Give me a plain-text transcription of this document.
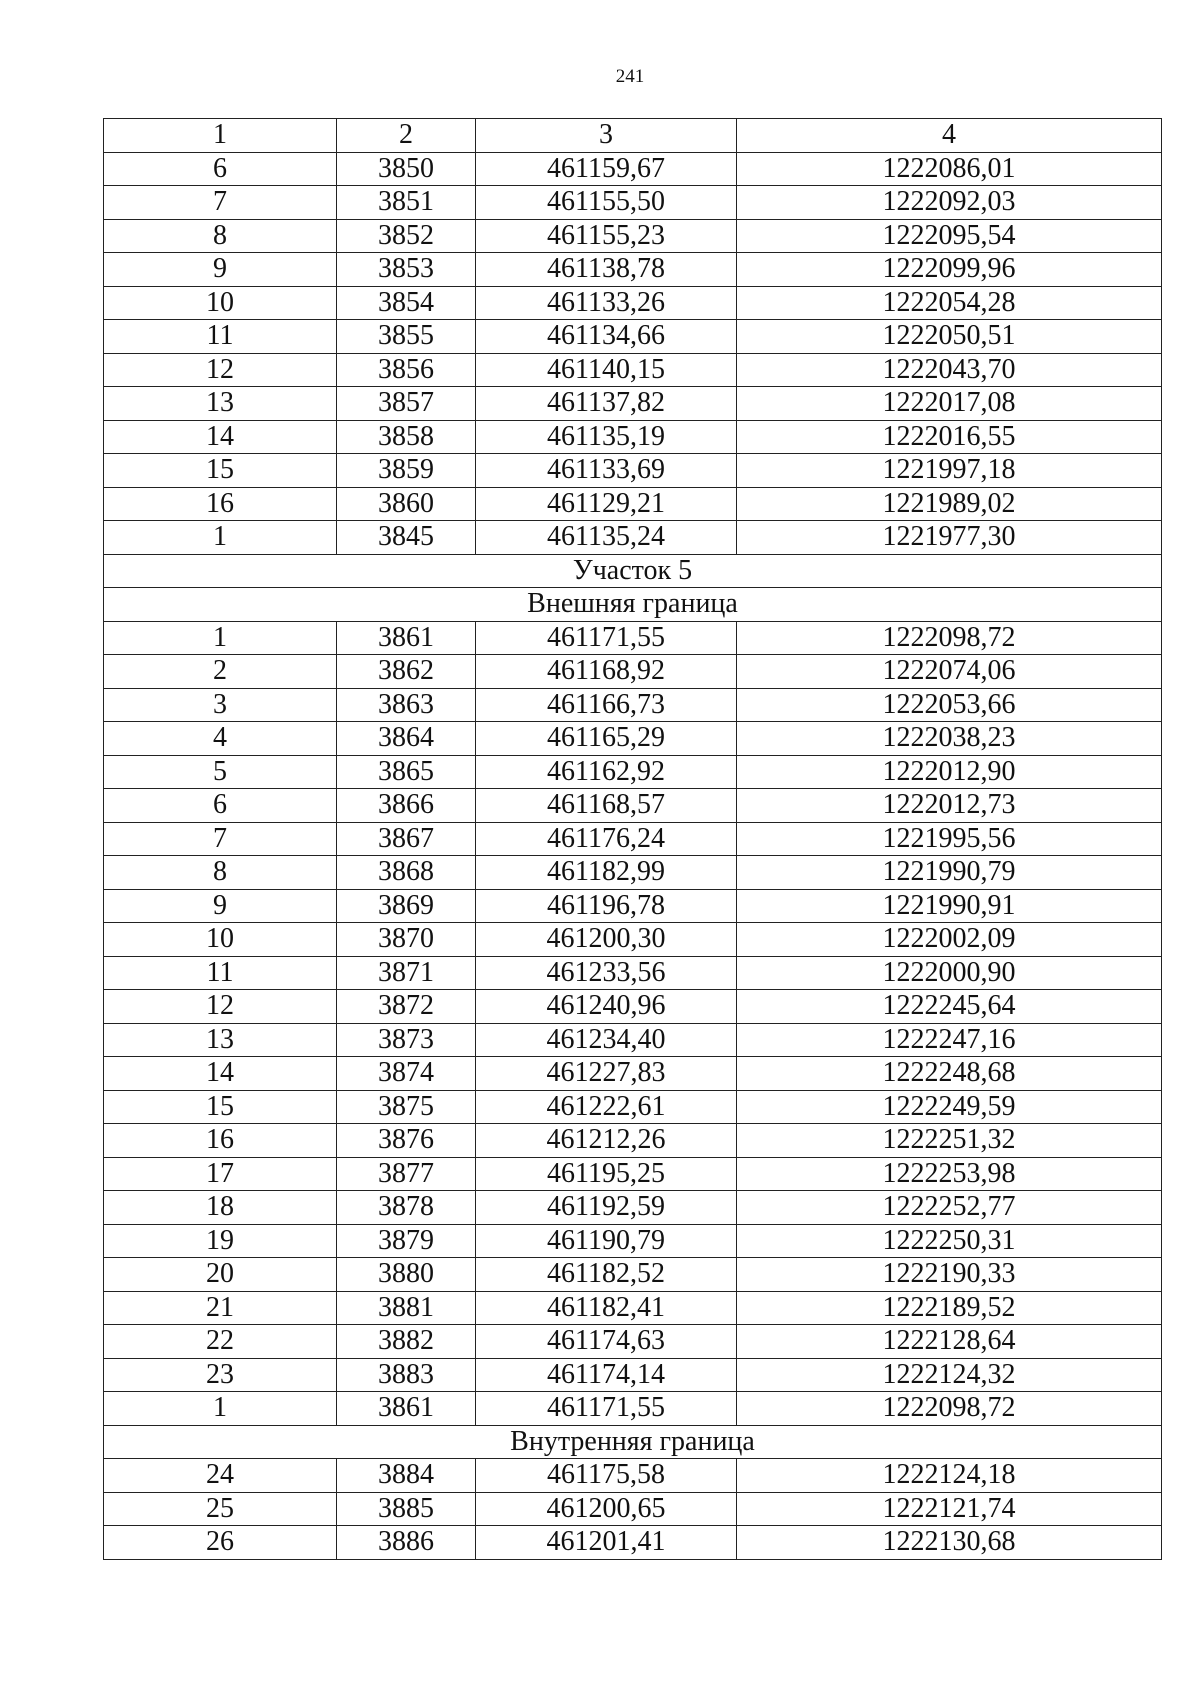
241
1	2	3	4
6	3850	461159,67	1222086,01
7	3851	461155,50	1222092,03
8	3852	461155,23	1222095,54
9	3853	461138,78	1222099,96
10	3854	461133,26	1222054,28
11	3855	461134,66	1222050,51
12	3856	461140,15	1222043,70
13	3857	461137,82	1222017,08
14	3858	461135,19	1222016,55
15	3859	461133,69	1221997,18
16	3860	461129,21	1221989,02
1	3845	461135,24	1221977,30
Участок 5			
Внешняя граница			
1	3861	461171,55	1222098,72
2	3862	461168,92	1222074,06
3	3863	461166,73	1222053,66
4	3864	461165,29	1222038,23
5	3865	461162,92	1222012,90
6	3866	461168,57	1222012,73
7	3867	461176,24	1221995,56
8	3868	461182,99	1221990,79
9	3869	461196,78	1221990,91
10	3870	461200,30	1222002,09
11	3871	461233,56	1222000,90
12	3872	461240,96	1222245,64
13	3873	461234,40	1222247,16
14	3874	461227,83	1222248,68
15	3875	461222,61	1222249,59
16	3876	461212,26	1222251,32
17	3877	461195,25	1222253,98
18	3878	461192,59	1222252,77
19	3879	461190,79	1222250,31
20	3880	461182,52	1222190,33
21	3881	461182,41	1222189,52
22	3882	461174,63	1222128,64
23	3883	461174,14	1222124,32
1	3861	461171,55	1222098,72
Внутренняя граница			
24	3884	461175,58	1222124,18
25	3885	461200,65	1222121,74
26	3886	461201,41	1222130,68
